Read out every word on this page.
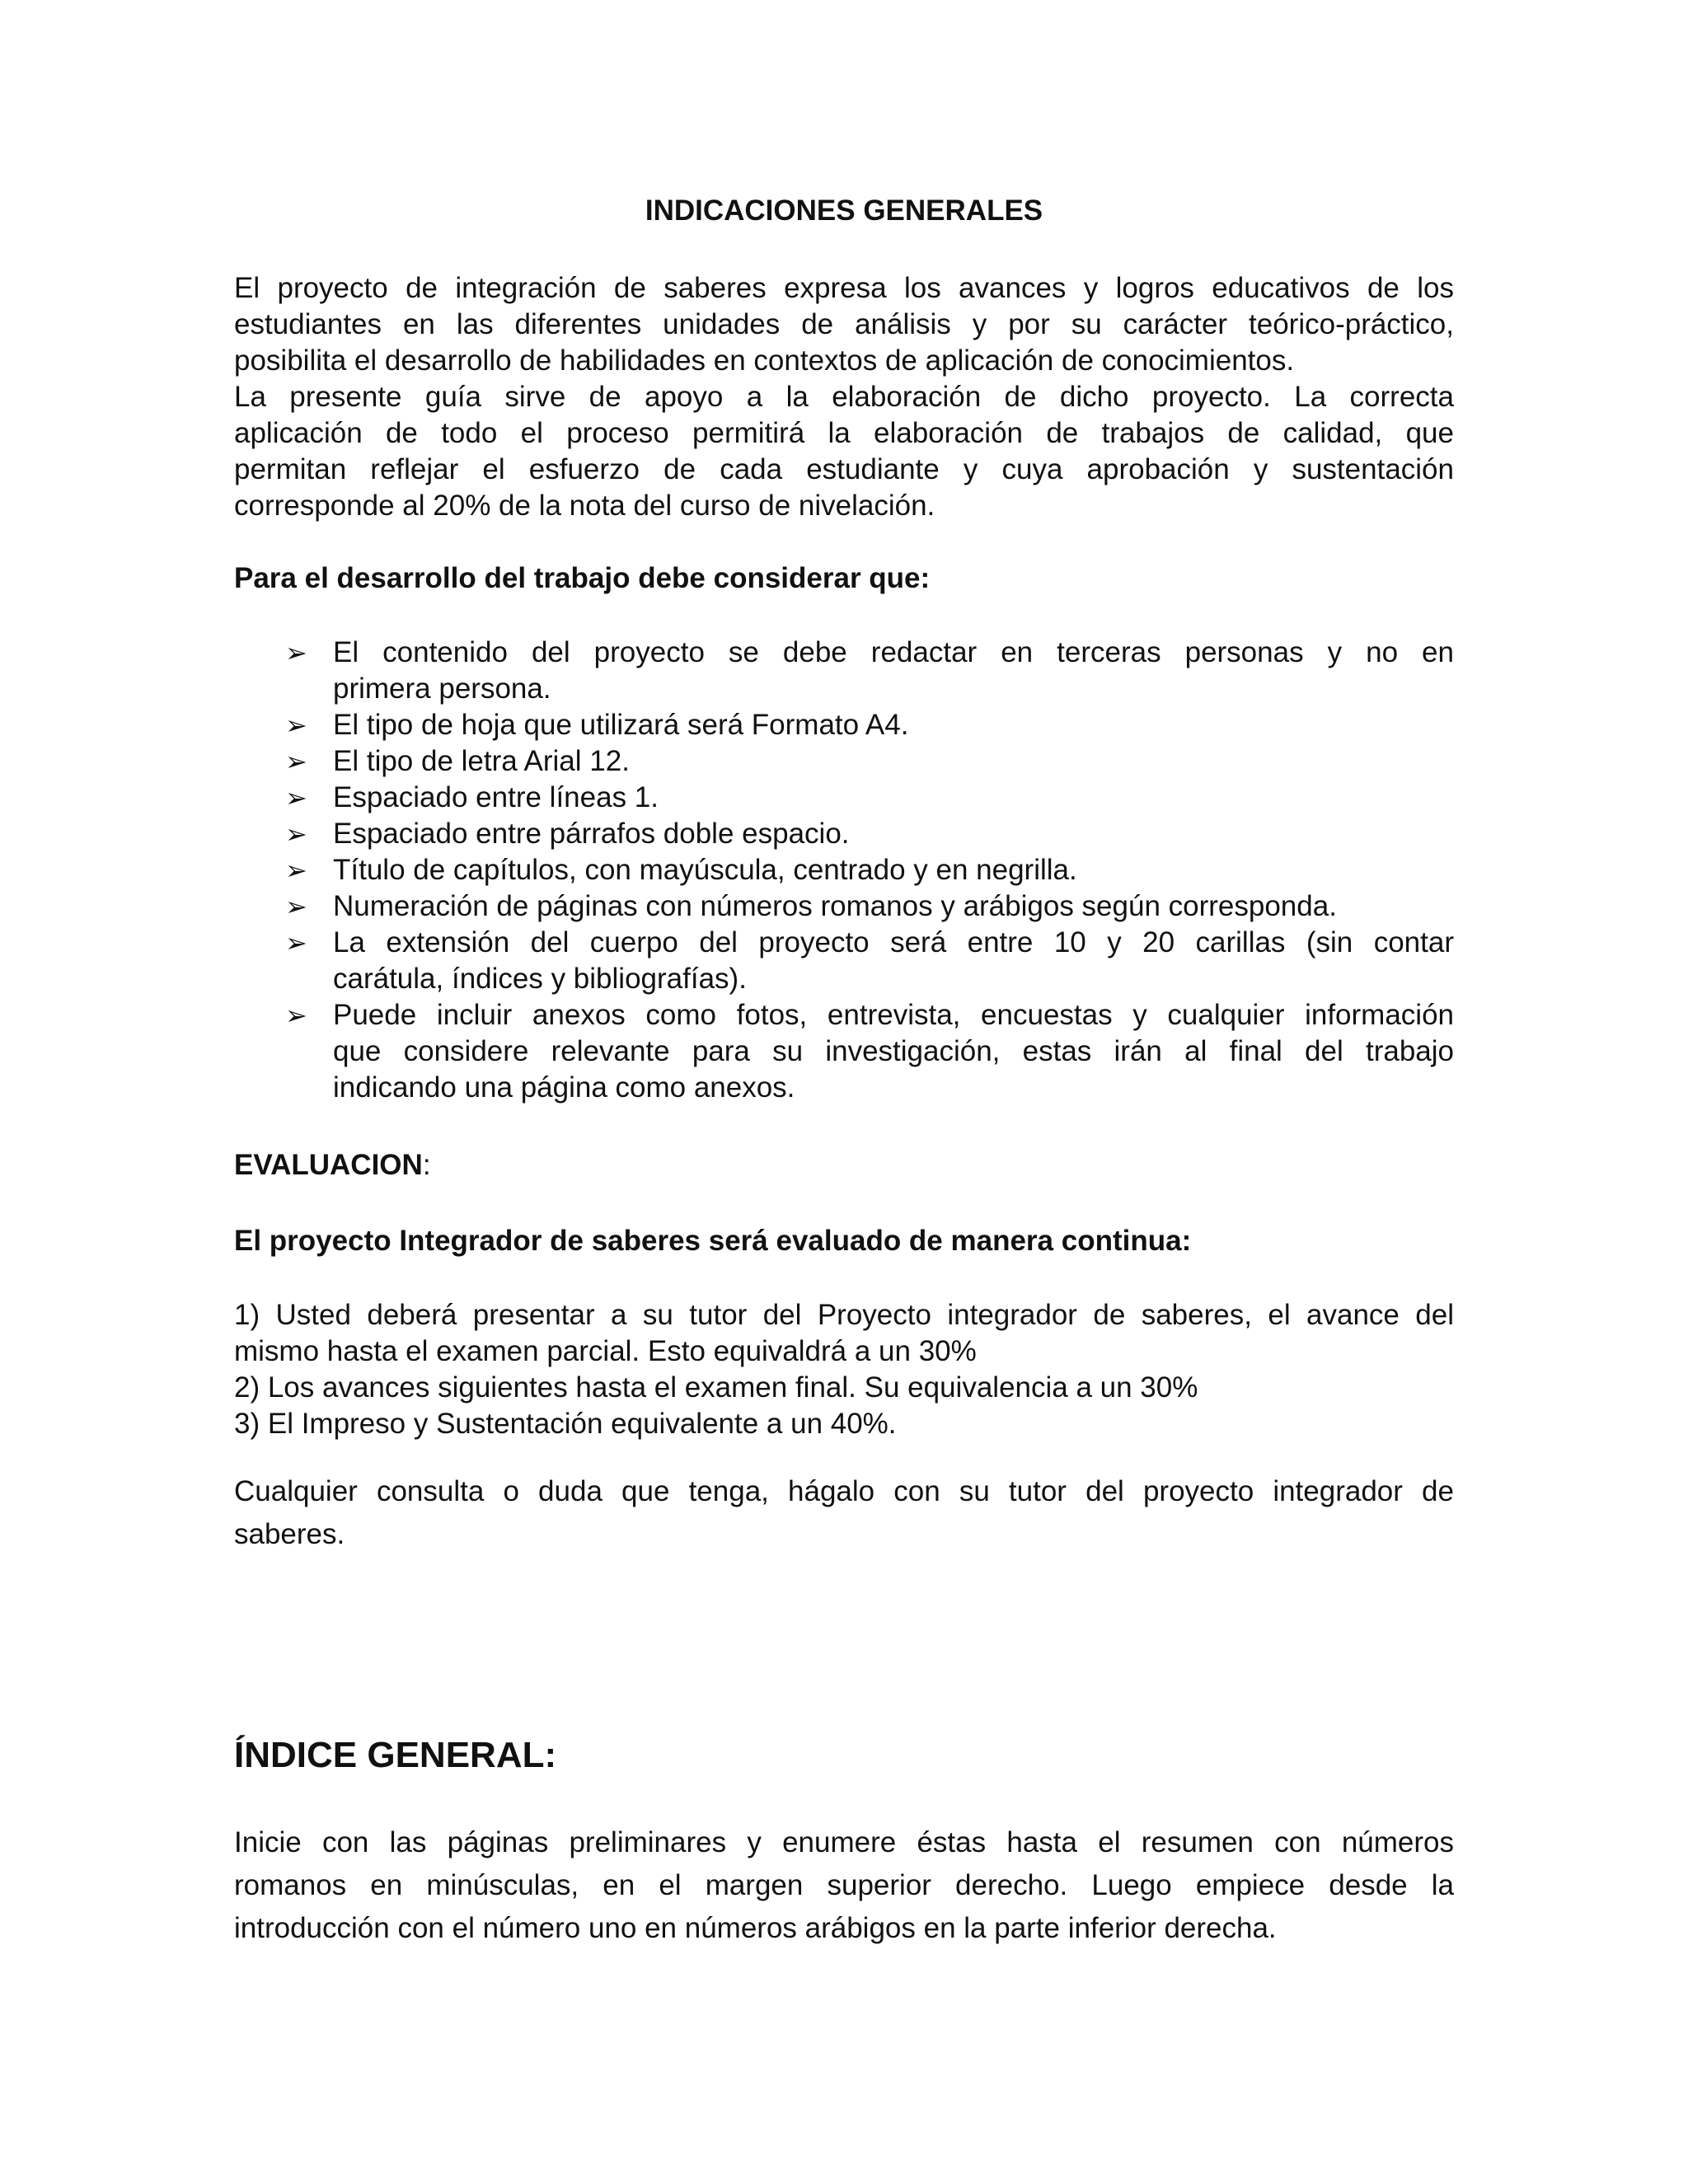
INDICACIONES GENERALES
El proyecto de integración de saberes expresa los avances y logros educativos de los
estudiantes en las diferentes unidades de análisis y por su carácter teórico-práctico,
posibilita el desarrollo de habilidades en contextos de aplicación de conocimientos.
La presente guía sirve de apoyo a la elaboración de dicho proyecto. La correcta
aplicación de todo el proceso permitirá la elaboración de trabajos de calidad, que
permitan reflejar el esfuerzo de cada estudiante y cuya aprobación y sustentación
corresponde al 20% de la nota del curso de nivelación.
Para el desarrollo del trabajo debe considerar que:
➢ El contenido del proyecto se debe redactar en terceras personas y no en
primera persona.
➢ El tipo de hoja que utilizará será Formato A4.
➢ El tipo de letra Arial 12.
➢ Espaciado entre líneas 1.
➢ Espaciado entre párrafos doble espacio.
➢ Título de capítulos, con mayúscula, centrado y en negrilla.
➢ Numeración de páginas con números romanos y arábigos según corresponda.
➢ La extensión del cuerpo del proyecto será entre 10 y 20 carillas (sin contar
carátula, índices y bibliografías).
➢ Puede incluir anexos como fotos, entrevista, encuestas y cualquier información
que considere relevante para su investigación, estas irán al final del trabajo
indicando una página como anexos.
EVALUACION:
El proyecto Integrador de saberes será evaluado de manera continua:
1) Usted deberá presentar a su tutor del Proyecto integrador de saberes, el avance del
mismo hasta el examen parcial. Esto equivaldrá a un 30%
2) Los avances siguientes hasta el examen final. Su equivalencia a un 30%
3) El Impreso y Sustentación equivalente a un 40%.
Cualquier consulta o duda que tenga, hágalo con su tutor del proyecto integrador de
saberes.
ÍNDICE GENERAL:
Inicie con las páginas preliminares y enumere éstas hasta el resumen con números
romanos en minúsculas, en el margen superior derecho. Luego empiece desde la
introducción con el número uno en números arábigos en la parte inferior derecha.
